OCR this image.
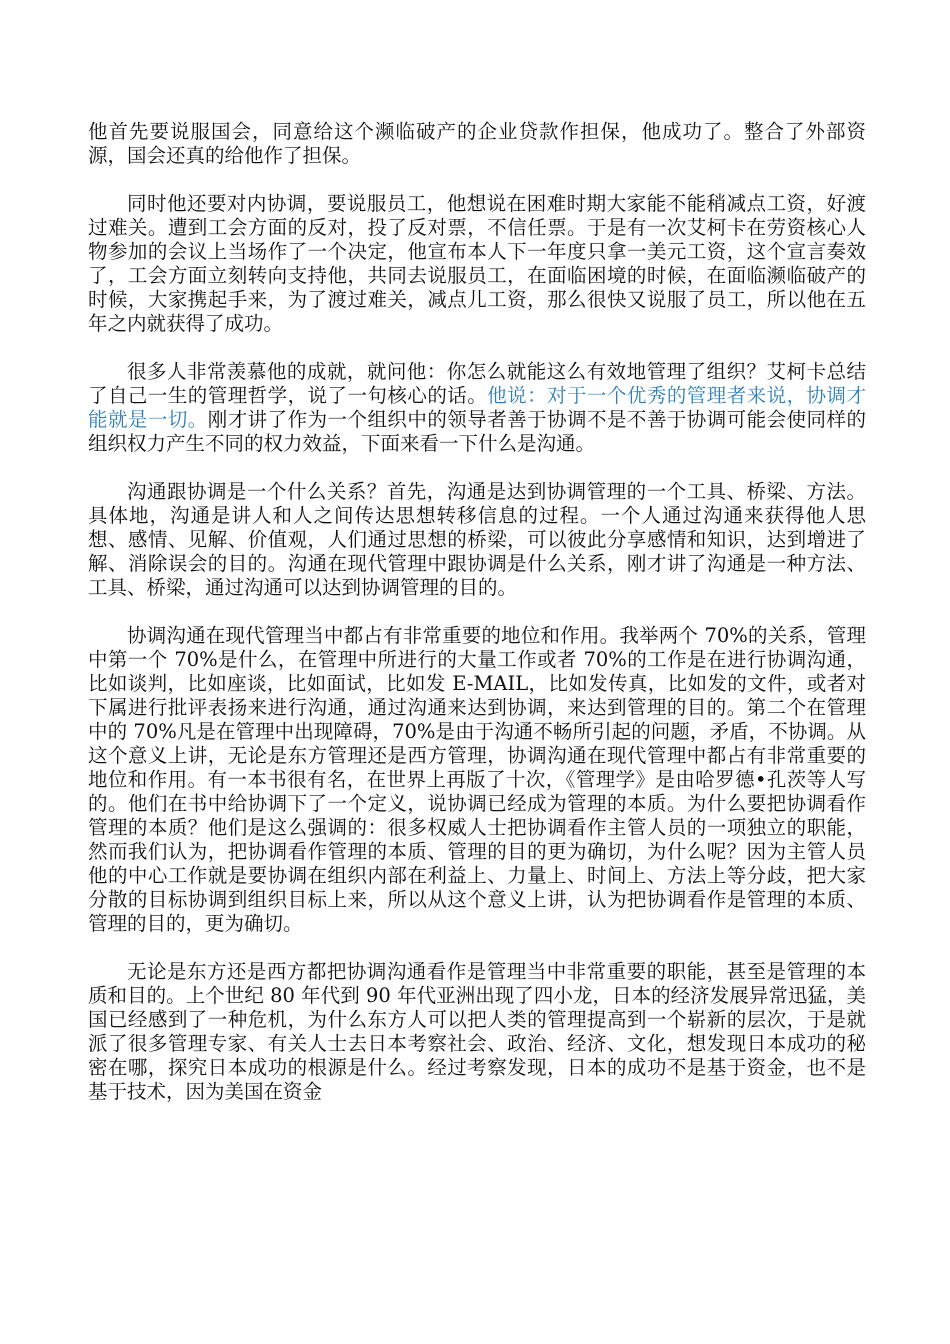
他首先要说服国会，同意给这个濒临破产的企业贷款作担保，他成功了。整合了外部资源，国会还真的给他作了担保。

同时他还要对内协调，要说服员工，他想说在困难时期大家能不能稍减点工资，好渡过难关。遭到工会方面的反对，投了反对票，不信任票。于是有一次艾柯卡在劳资核心人物参加的会议上当场作了一个决定，他宣布本人下一年度只拿一美元工资，这个宣言奏效了，工会方面立刻转向支持他，共同去说服员工，在面临困境的时候，在面临濒临破产的时候，大家携起手来，为了渡过难关，减点儿工资，那么很快又说服了员工，所以他在五年之内就获得了成功。

很多人非常羡慕他的成就，就问他：你怎么就能这么有效地管理了组织？艾柯卡总结了自己一生的管理哲学，说了一句核心的话。他说：对于一个优秀的管理者来说，协调才能就是一切。刚才讲了作为一个组织中的领导者善于协调不是不善于协调可能会使同样的组织权力产生不同的权力效益，下面来看一下什么是沟通。

沟通跟协调是一个什么关系？首先，沟通是达到协调管理的一个工具、桥梁、方法。具体地，沟通是讲人和人之间传达思想转移信息的过程。一个人通过沟通来获得他人思想、感情、见解、价值观，人们通过思想的桥梁，可以彼此分享感情和知识，达到增进了解、消除误会的目的。沟通在现代管理中跟协调是什么关系，刚才讲了沟通是一种方法、工具、桥梁，通过沟通可以达到协调管理的目的。

协调沟通在现代管理当中都占有非常重要的地位和作用。我举两个 70%的关系，管理中第一个 70%是什么，在管理中所进行的大量工作或者 70%的工作是在进行协调沟通，比如谈判，比如座谈，比如面试，比如发 E-MAIL，比如发传真，比如发的文件，或者对下属进行批评表扬来进行沟通，通过沟通来达到协调，来达到管理的目的。第二个在管理中的 70%凡是在管理中出现障碍，70%是由于沟通不畅所引起的问题，矛盾，不协调。从这个意义上讲，无论是东方管理还是西方管理，协调沟通在现代管理中都占有非常重要的地位和作用。有一本书很有名，在世界上再版了十次，《管理学》是由哈罗德•孔茨等人写的。他们在书中给协调下了一个定义，说协调已经成为管理的本质。为什么要把协调看作管理的本质？他们是这么强调的：很多权威人士把协调看作主管人员的一项独立的职能，然而我们认为，把协调看作管理的本质、管理的目的更为确切，为什么呢？因为主管人员他的中心工作就是要协调在组织内部在利益上、力量上、时间上、方法上等分歧，把大家分散的目标协调到组织目标上来，所以从这个意义上讲，认为把协调看作是管理的本质、管理的目的，更为确切。

无论是东方还是西方都把协调沟通看作是管理当中非常重要的职能，甚至是管理的本质和目的。上个世纪 80 年代到 90 年代亚洲出现了四小龙，日本的经济发展异常迅猛，美国已经感到了一种危机，为什么东方人可以把人类的管理提高到一个崭新的层次，于是就派了很多管理专家、有关人士去日本考察社会、政治、经济、文化，想发现日本成功的秘密在哪，探究日本成功的根源是什么。经过考察发现，日本的成功不是基于资金，也不是基于技术，因为美国在资金
